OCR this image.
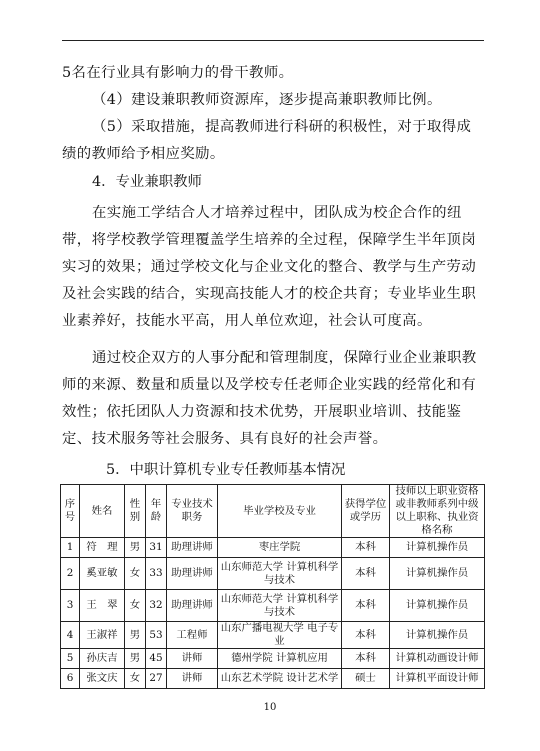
5名在行业具有影响力的骨干教师。

（4）建设兼职教师资源库，逐步提高兼职教师比例。

（5）采取措施，提高教师进行科研的积极性，对于取得成绩的教师给予相应奖励。

4．专业兼职教师

在实施工学结合人才培养过程中，团队成为校企合作的纽带，将学校教学管理覆盖学生培养的全过程，保障学生半年顶岗实习的效果；通过学校文化与企业文化的整合、教学与生产劳动及社会实践的结合，实现高技能人才的校企共育；专业毕业生职业素养好，技能水平高，用人单位欢迎，社会认可度高。

通过校企双方的人事分配和管理制度，保障行业企业兼职教师的来源、数量和质量以及学校专任老师企业实践的经常化和有效性；依托团队人力资源和技术优势，开展职业培训、技能鉴定、技术服务等社会服务、具有良好的社会声誉。

5．中职计算机专业专任教师基本情况
序号	姓名	性别	年龄	专业技术职务	毕业学校及专业	获得学位或学历	技师以上职业资格或非教师系列中级以上职称、执业资格名称
1	符　理	男	31	助理讲师	枣庄学院	本科	计算机操作员
2	奚亚敏	女	33	助理讲师	山东师范大学 计算机科学与技术	本科	计算机操作员
3	王　翠	女	32	助理讲师	山东师范大学 计算机科学与技术	本科	计算机操作员
4	王淑祥	男	53	工程师	山东广播电视大学 电子专业	本科	计算机操作员
5	孙庆吉	男	45	讲师	德州学院 计算机应用	本科	计算机动画设计师
6	张文庆	女	27	讲师	山东艺术学院 设计艺术学	硕士	计算机平面设计师
10
